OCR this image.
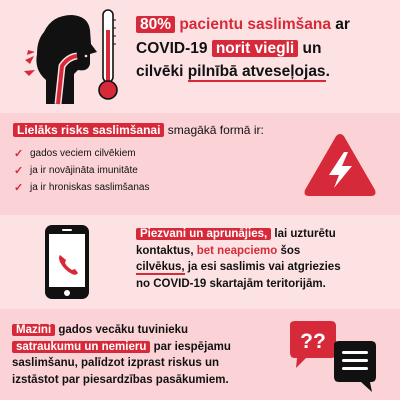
80% pacientu saslimšana ar
COVID-19 norit viegli un
cilvēki pilnībā atveseļojas.
Lielāks risks saslimšanai smagākā formā ir:
✓ gados veciem cilvēkiem
✓ ja ir novājināta imunitāte
✓ ja ir hroniskas saslimšanas
Piezvani un aprunājies, lai uzturētu
kontaktus, bet neapciemo šos
cilvēkus, ja esi saslimis vai atgriezies
no COVID-19 skartajām teritorijām.
Mazini gados vecāku tuvinieku
satraukumu un nemieru par iespējamu
saslimšanu, palīdzot izprast riskus un
izstāstot par piesardzības pasākumiem.
??
